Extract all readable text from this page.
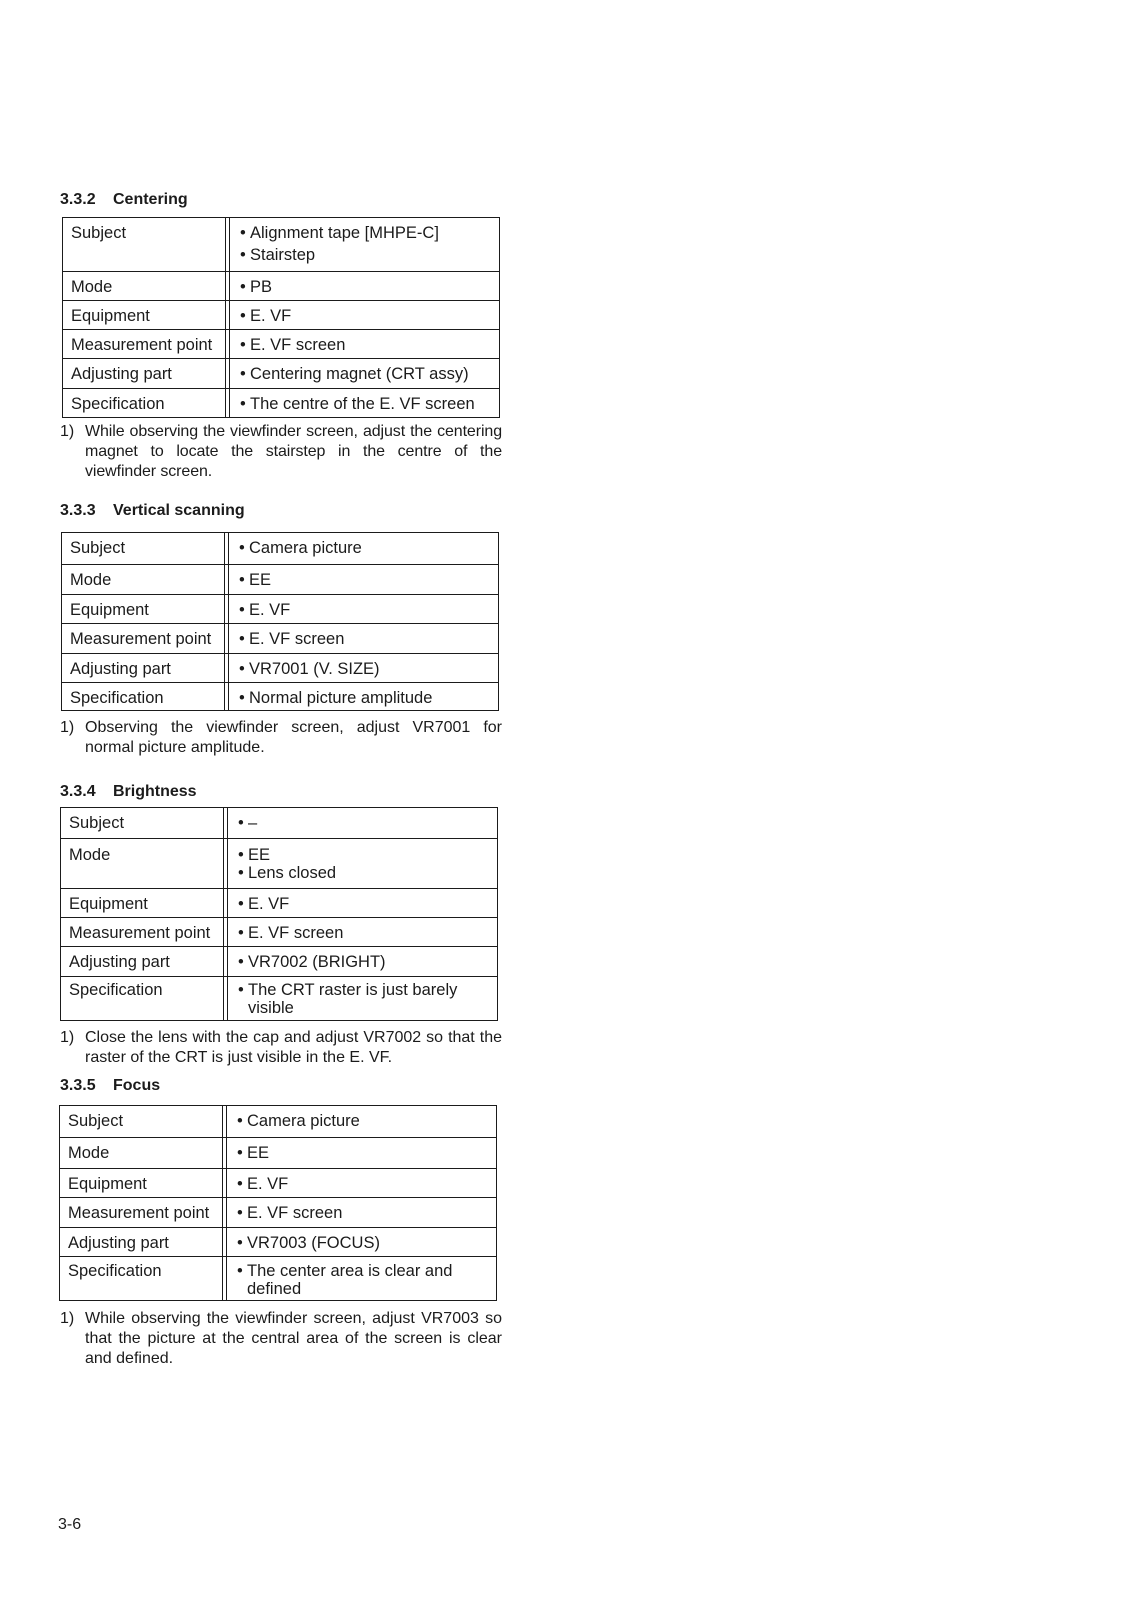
3.3.2 Centering
Subject	• Alignment tape [MHPE-C]
• Stairstep
Mode	• PB
Equipment	• E. VF
Measurement point	• E. VF screen
Adjusting part	• Centering magnet (CRT assy)
Specification	• The centre of the E. VF screen
1) While observing the viewfinder screen, adjust the centering magnet to locate the stairstep in the centre of the viewfinder screen.
3.3.3 Vertical scanning
Subject	• Camera picture
Mode	• EE
Equipment	• E. VF
Measurement point	• E. VF screen
Adjusting part	• VR7001 (V. SIZE)
Specification	• Normal picture amplitude
1) Observing the viewfinder screen, adjust VR7001 for normal picture amplitude.
3.3.4 Brightness
Subject	• –
Mode	• EE
• Lens closed
Equipment	• E. VF
Measurement point	• E. VF screen
Adjusting part	• VR7002 (BRIGHT)
Specification	• The CRT raster is just barely visible
1) Close the lens with the cap and adjust VR7002 so that the raster of the CRT is just visible in the E. VF.
3.3.5 Focus
Subject	• Camera picture
Mode	• EE
Equipment	• E. VF
Measurement point	• E. VF screen
Adjusting part	• VR7003 (FOCUS)
Specification	• The center area is clear and defined
1) While observing the viewfinder screen, adjust VR7003 so that the picture at the central area of the screen is clear and defined.
3-6
